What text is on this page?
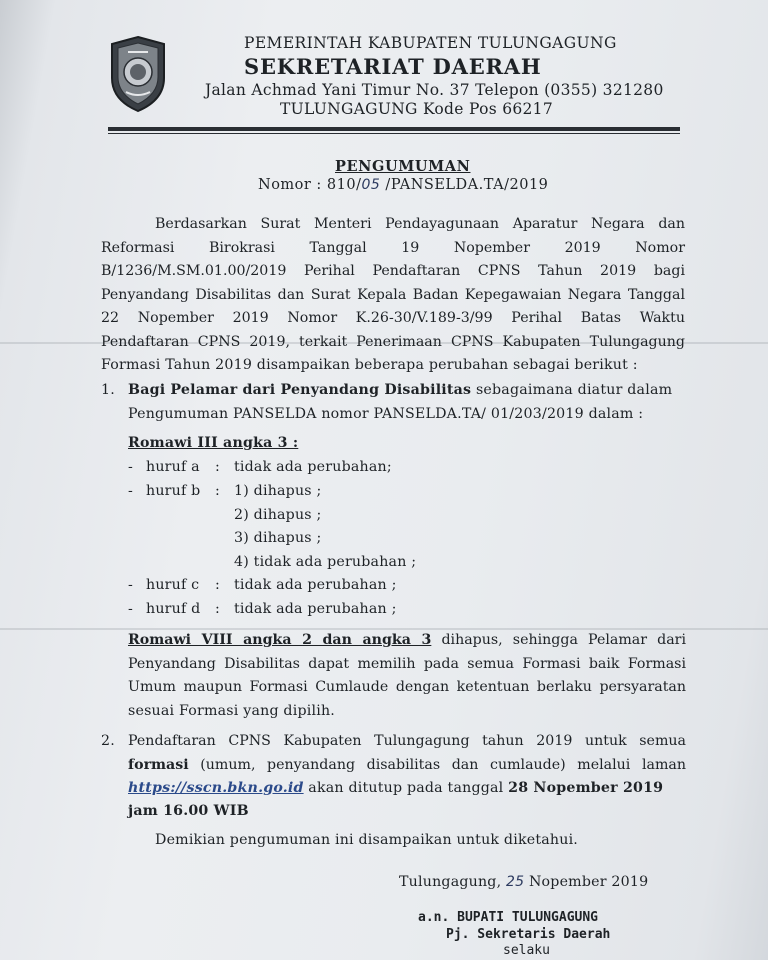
PEMERINTAH KABUPATEN TULUNGAGUNG
SEKRETARIAT DAERAH
Jalan Achmad Yani Timur No. 37 Telepon (0355) 321280
TULUNGAGUNG Kode Pos 66217
PENGUMUMAN
Nomor : 810/05 /PANSELDA.TA/2019
Berdasarkan Surat Menteri Pendayagunaan Aparatur Negara dan
Reformasi Birokrasi Tanggal 19 Nopember 2019 Nomor
B/1236/M.SM.01.00/2019 Perihal Pendaftaran CPNS Tahun 2019 bagi
Penyandang Disabilitas dan Surat Kepala Badan Kepegawaian Negara Tanggal
22 Nopember 2019 Nomor K.26-30/V.189-3/99 Perihal Batas Waktu
Pendaftaran CPNS 2019, terkait Penerimaan CPNS Kabupaten Tulungagung
Formasi Tahun 2019 disampaikan beberapa perubahan sebagai berikut :
1. Bagi Pelamar dari Penyandang Disabilitas sebagaimana diatur dalam
Pengumuman PANSELDA nomor PANSELDA.TA/ 01/203/2019 dalam :
Romawi III angka 3 :
- huruf a : tidak ada perubahan;
- huruf b : 1) dihapus ;
2) dihapus ;
3) dihapus ;
4) tidak ada perubahan ;
- huruf c : tidak ada perubahan ;
- huruf d : tidak ada perubahan ;
Romawi VIII angka 2 dan angka 3 dihapus, sehingga Pelamar dari
Penyandang Disabilitas dapat memilih pada semua Formasi baik Formasi
Umum maupun Formasi Cumlaude dengan ketentuan berlaku persyaratan
sesuai Formasi yang dipilih.
2. Pendaftaran CPNS Kabupaten Tulungagung tahun 2019 untuk semua
formasi (umum, penyandang disabilitas dan cumlaude) melalui laman
https://sscn.bkn.go.id akan ditutup pada tanggal 28 Nopember 2019
jam 16.00 WIB
Demikian pengumuman ini disampaikan untuk diketahui.
Tulungagung, 25 Nopember 2019
a.n. BUPATI TULUNGAGUNG
Pj. Sekretaris Daerah
selaku
